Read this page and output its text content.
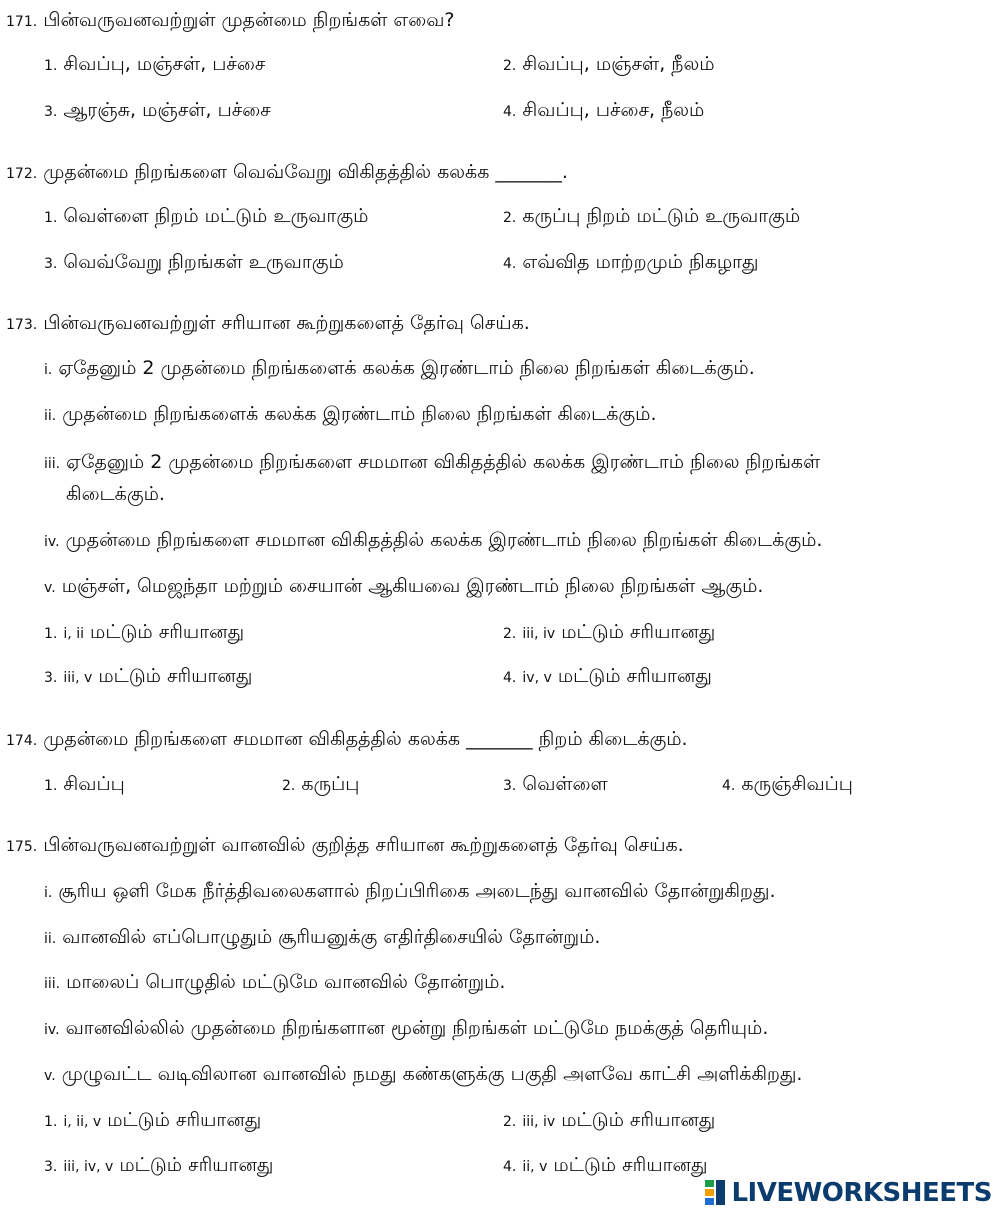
171. பின்வருவனவற்றுள் முதன்மை நிறங்கள் எவை?
1. சிவப்பு, மஞ்சள், பச்சை	2. சிவப்பு, மஞ்சள், நீலம்
3. ஆரஞ்சு, மஞ்சள், பச்சை	4. சிவப்பு, பச்சை, நீலம்
172. முதன்மை நிறங்களை வெவ்வேறு விகிதத்தில் கலக்க _______.
1. வெள்ளை நிறம் மட்டும் உருவாகும்	2. கருப்பு நிறம் மட்டும் உருவாகும்
3. வெவ்வேறு நிறங்கள் உருவாகும்	4. எவ்வித மாற்றமும் நிகழாது
173. பின்வருவனவற்றுள் சரியான கூற்றுகளைத் தேர்வு செய்க.
i. ஏதேனும் 2 முதன்மை நிறங்களைக் கலக்க இரண்டாம் நிலை நிறங்கள் கிடைக்கும்.
ii. முதன்மை நிறங்களைக் கலக்க இரண்டாம் நிலை நிறங்கள் கிடைக்கும்.
iii. ஏதேனும் 2 முதன்மை நிறங்களை சமமான விகிதத்தில் கலக்க இரண்டாம் நிலை நிறங்கள்
கிடைக்கும்.
iv. முதன்மை நிறங்களை சமமான விகிதத்தில் கலக்க இரண்டாம் நிலை நிறங்கள் கிடைக்கும்.
v. மஞ்சள், மெஜந்தா மற்றும் சையான் ஆகியவை இரண்டாம் நிலை நிறங்கள் ஆகும்.
1. i, ii மட்டும் சரியானது	2. iii, iv மட்டும் சரியானது
3. iii, v மட்டும் சரியானது	4. iv, v மட்டும் சரியானது
174. முதன்மை நிறங்களை சமமான விகிதத்தில் கலக்க _______ நிறம் கிடைக்கும்.
1. சிவப்பு	2. கருப்பு	3. வெள்ளை	4. கருஞ்சிவப்பு
175. பின்வருவனவற்றுள் வானவில் குறித்த சரியான கூற்றுகளைத் தேர்வு செய்க.
i. சூரிய ஒளி மேக நீர்த்திவலைகளால் நிறப்பிரிகை அடைந்து வானவில் தோன்றுகிறது.
ii. வானவில் எப்பொழுதும் சூரியனுக்கு எதிர்திசையில் தோன்றும்.
iii. மாலைப் பொழுதில் மட்டுமே வானவில் தோன்றும்.
iv. வானவில்லில் முதன்மை நிறங்களான மூன்று நிறங்கள் மட்டுமே நமக்குத் தெரியும்.
v. முழுவட்ட வடிவிலான வானவில் நமது கண்களுக்கு பகுதி அளவே காட்சி அளிக்கிறது.
1. i, ii, v மட்டும் சரியானது	2. iii, iv மட்டும் சரியானது
3. iii, iv, v மட்டும் சரியானது	4. ii, v மட்டும் சரியானது
LIVEWORKSHEETS
